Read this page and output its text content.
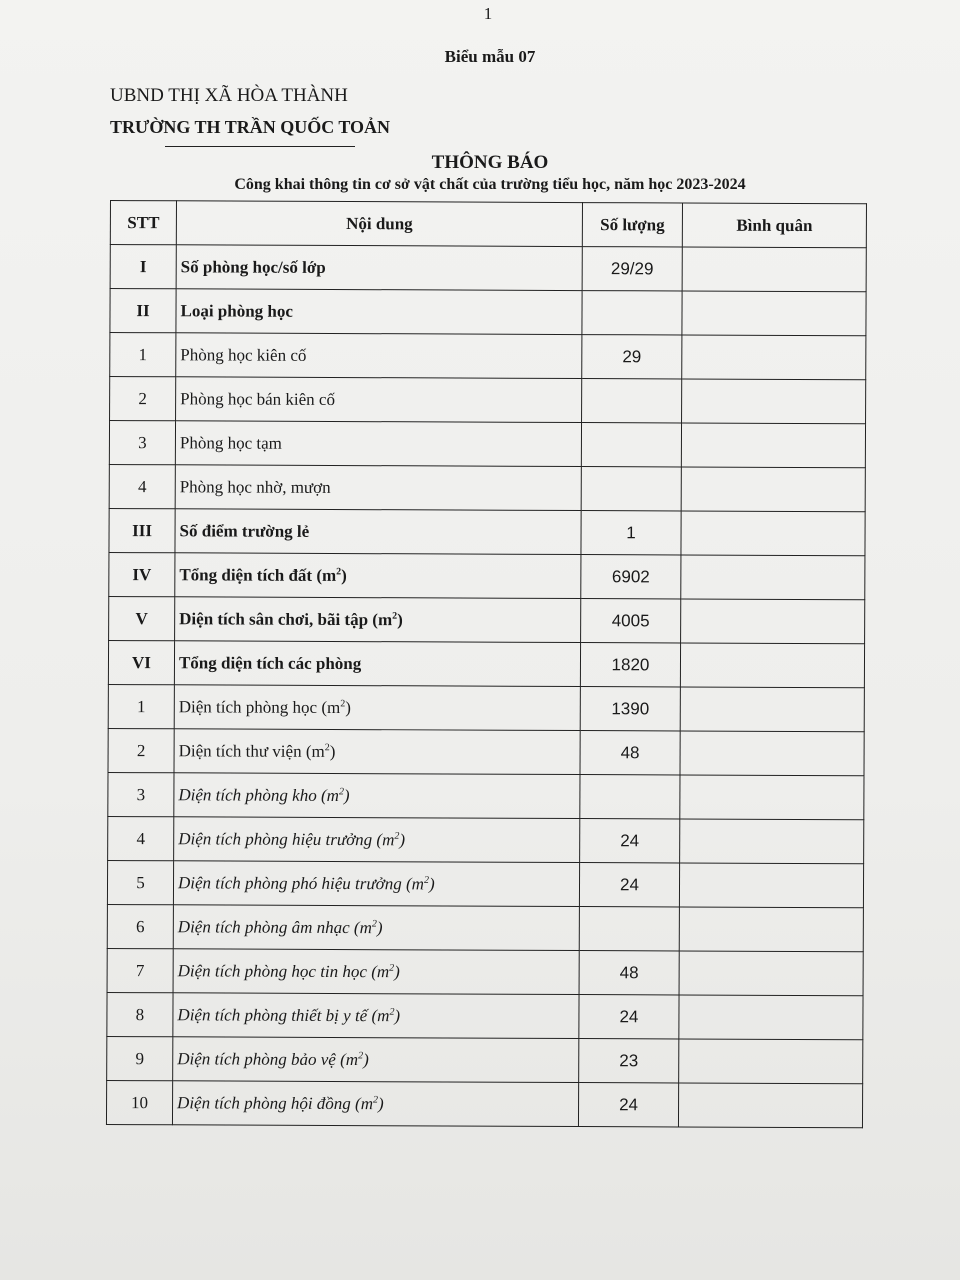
1
Biểu mẫu 07
UBND THỊ XÃ HÒA THÀNH
TRƯỜNG TH TRẦN QUỐC TOẢN
THÔNG BÁO
Công khai thông tin cơ sở vật chất của trường tiểu học, năm học 2023-2024
STT	Nội dung	Số lượng	Bình quân
I	Số phòng học/số lớp	29/29	
II	Loại phòng học		
1	Phòng học kiên cố	29	
2	Phòng học bán kiên cố		
3	Phòng học tạm		
4	Phòng học nhờ, mượn		
III	Số điểm trường lẻ	1	
IV	Tổng diện tích đất $(m^2)$	6902	
V	Diện tích sân chơi, bãi tập $(m^2)$	4005	
VI	Tổng diện tích các phòng	1820	
1	Diện tích phòng học $(m^2)$	1390	
2	Diện tích thư viện $(m^2)$	48	
3	Diện tích phòng kho $(m^2)$		
4	Diện tích phòng hiệu trưởng $(m^2)$	24	
5	Diện tích phòng phó hiệu trưởng $(m^2)$	24	
6	Diện tích phòng âm nhạc $(m^2)$		
7	Diện tích phòng học tin học $(m^2)$	48	
8	Diện tích phòng thiết bị y tế $(m^2)$	24	
9	Diện tích phòng bảo vệ $(m^2)$	23	
10	Diện tích phòng hội đồng $(m^2)$	24	
